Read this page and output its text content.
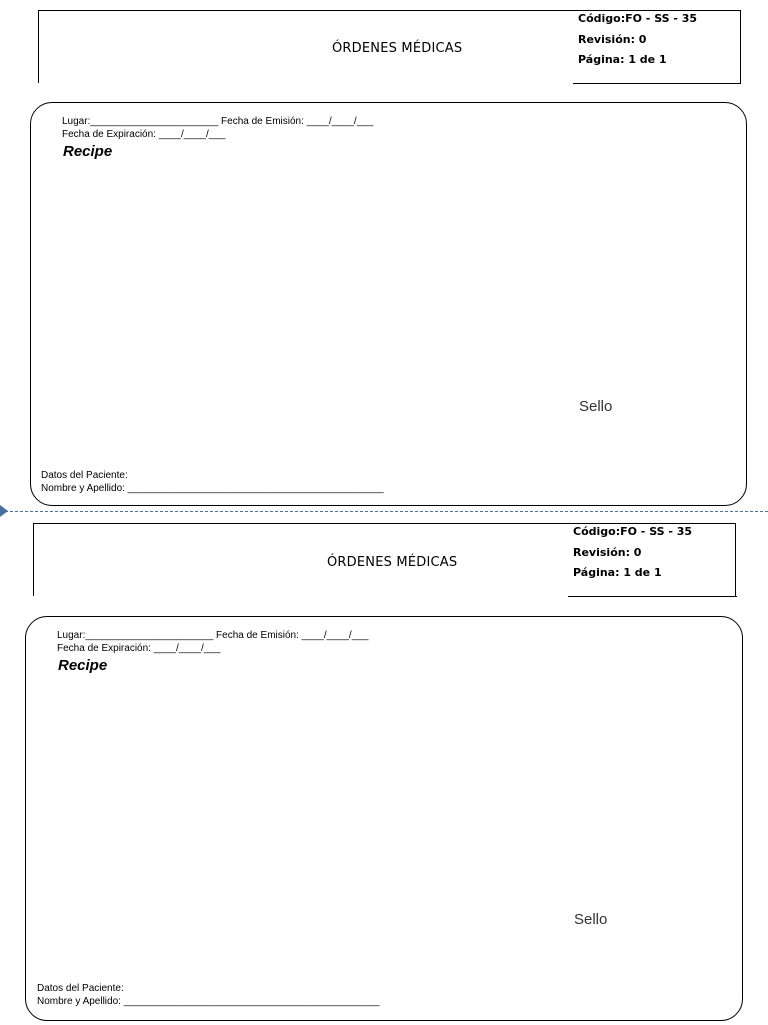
ÓRDENES MÉDICAS
Código:FO - SS - 35
Revisión: 0
Página: 1 de 1
Lugar:_______________________ Fecha de Emisión: ____/____/___
Fecha de Expiración: ____/____/___
Recipe
Sello
Datos del Paciente:
Nombre y Apellido: ______________________________________________
ÓRDENES MÉDICAS
Código:FO - SS - 35
Revisión: 0
Página: 1 de 1
Lugar:_______________________ Fecha de Emisión: ____/____/___
Fecha de Expiración: ____/____/___
Recipe
Sello
Datos del Paciente:
Nombre y Apellido: ______________________________________________
